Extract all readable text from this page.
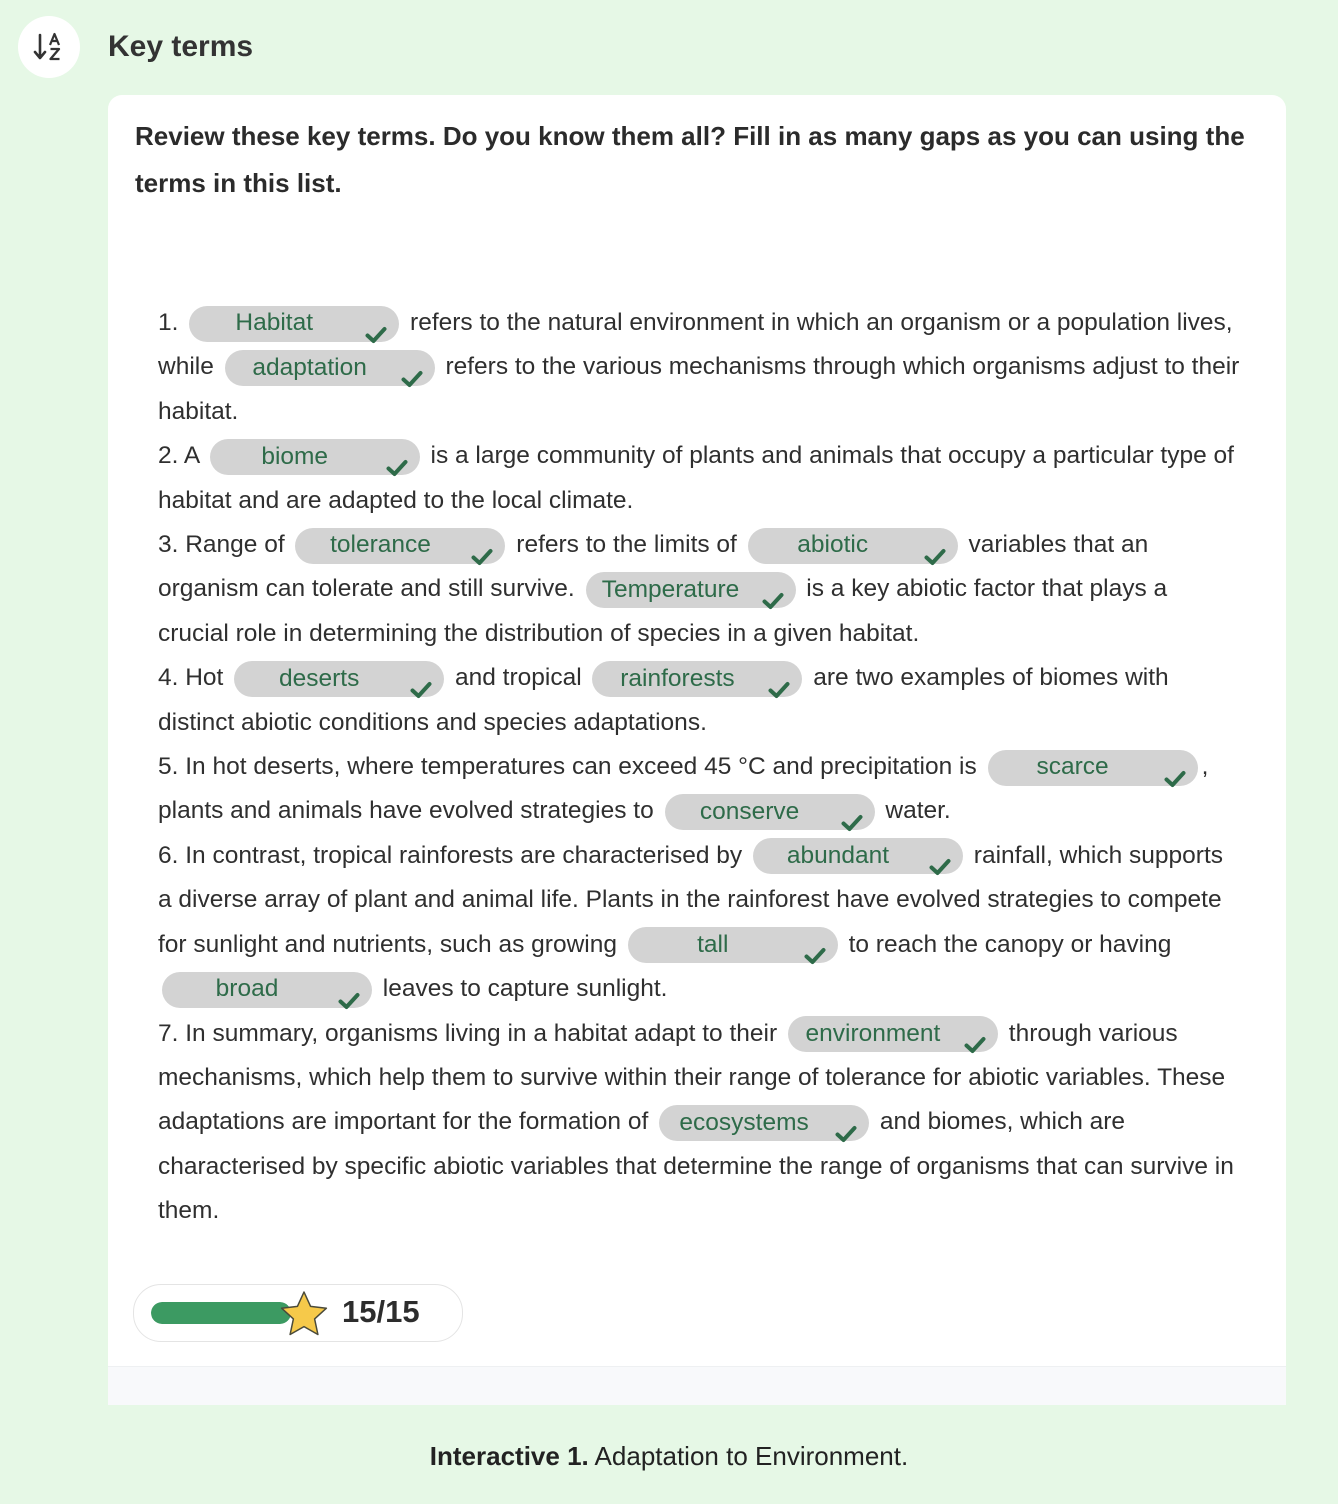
Key terms
Review these key terms. Do you know them all? Fill in as many gaps as you can using the terms in this list.

1.	Habitat	refers to the natural environment in which an organism or a population lives, while	adaptation	refers to the various mechanisms through which organisms adjust to their habitat.

2. A	biome	is a large community of plants and animals that occupy a particular type of habitat and are adapted to the local climate.

3. Range of	tolerance	refers to the limits of	abiotic	variables that an organism can tolerate and still survive. Temperature	is a key abiotic factor that plays a crucial role in determining the distribution of species in a given habitat.

4. Hot	deserts	and tropical	rainforests	are two examples of biomes with distinct abiotic conditions and species adaptations.

5. In hot deserts, where temperatures can exceed 45 °C and precipitation is	scarce	, plants and animals have evolved strategies to	conserve	water.

6. In contrast, tropical rainforests are characterised by	abundant	rainfall, which supports a diverse array of plant and animal life. Plants in the rainforest have evolved strategies to compete for sunlight and nutrients, such as growing	tall	to reach the canopy or having
broad	leaves to capture sunlight.

7. In summary, organisms living in a habitat adapt to their environment	through various mechanisms, which help them to survive within their range of tolerance for abiotic variables. These adaptations are important for the formation of ecosystems	and biomes, which are characterised by specific abiotic variables that determine the range of organisms that can survive in them.

15/15
Interactive 1. Adaptation to Environment.
